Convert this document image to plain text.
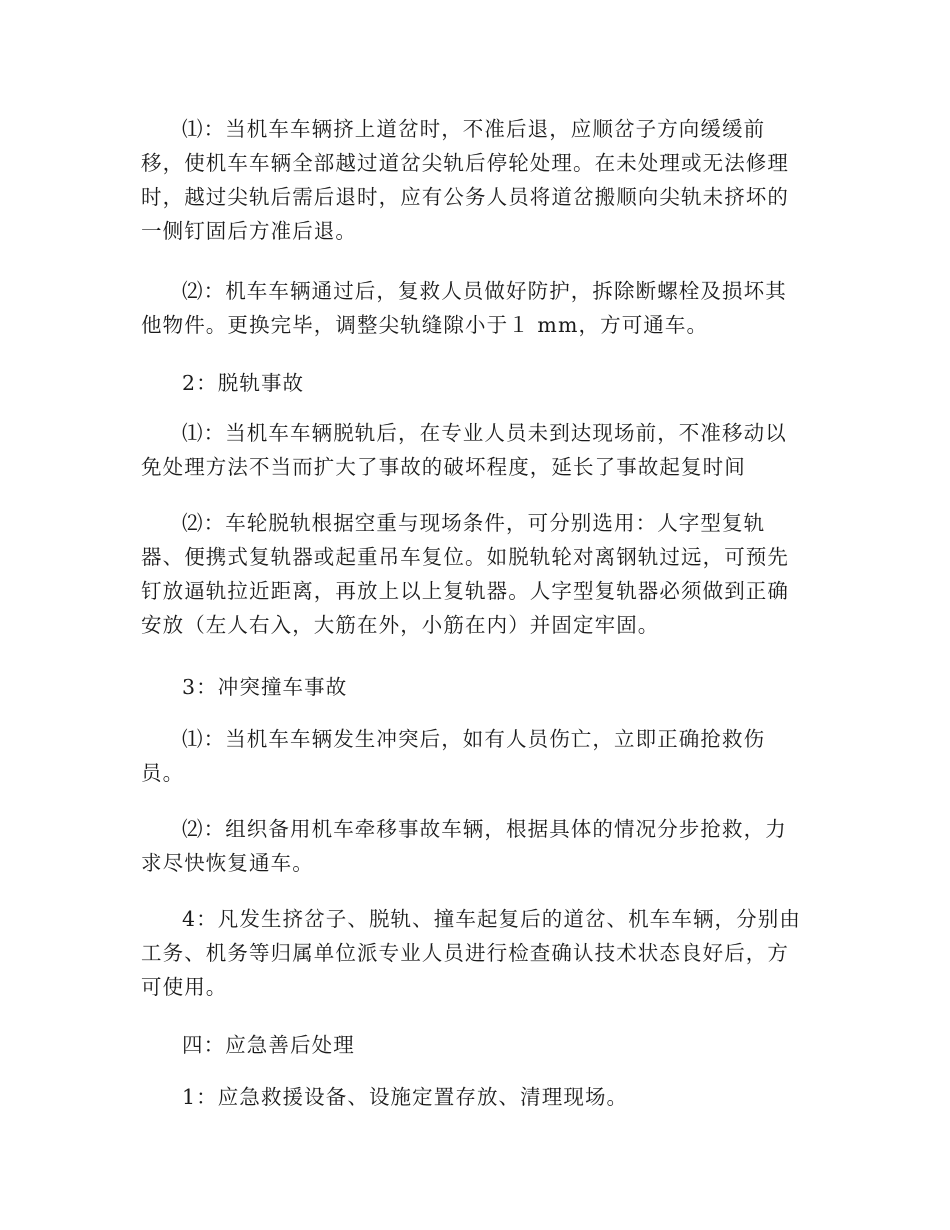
⑴：当机车车辆挤上道岔时，不准后退，应顺岔子方向缓缓前移，使机车车辆全部越过道岔尖轨后停轮处理。在未处理或无法修理时，越过尖轨后需后退时，应有公务人员将道岔搬顺向尖轨未挤坏的一侧钉固后方准后退。

⑵：机车车辆通过后，复救人员做好防护，拆除断螺栓及损坏其他物件。更换完毕，调整尖轨缝隙小于１ mm，方可通车。

2：脱轨事故

⑴：当机车车辆脱轨后，在专业人员未到达现场前，不准移动以免处理方法不当而扩大了事故的破坏程度，延长了事故起复时间

⑵：车轮脱轨根据空重与现场条件，可分别选用：人字型复轨器、便携式复轨器或起重吊车复位。如脱轨轮对离钢轨过远，可预先钉放逼轨拉近距离，再放上以上复轨器。人字型复轨器必须做到正确安放（左人右入，大筋在外，小筋在内）并固定牢固。

3：冲突撞车事故

⑴：当机车车辆发生冲突后，如有人员伤亡，立即正确抢救伤员。

⑵：组织备用机车牵移事故车辆，根据具体的情况分步抢救，力求尽快恢复通车。

4：凡发生挤岔子、脱轨、撞车起复后的道岔、机车车辆，分别由工务、机务等归属单位派专业人员进行检查确认技术状态良好后，方可使用。

四：应急善后处理

1：应急救援设备、设施定置存放、清理现场。
